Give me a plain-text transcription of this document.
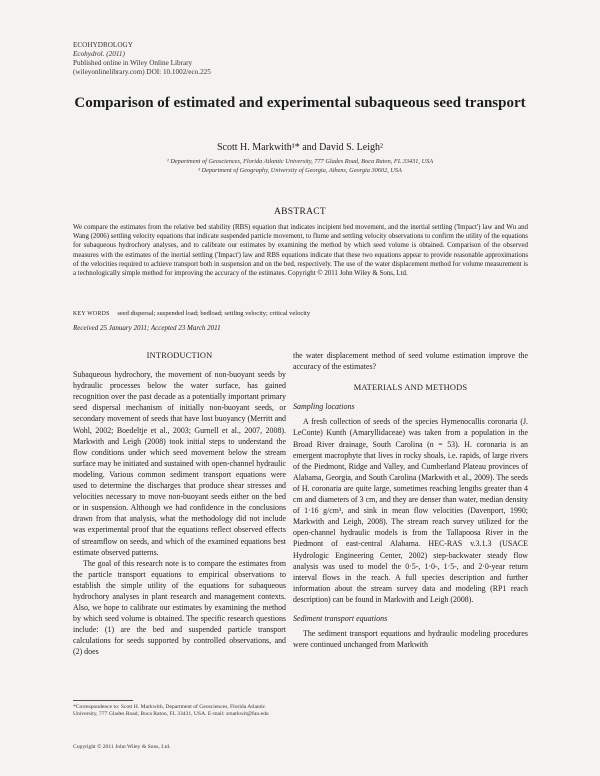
ECOHYDROLOGY
Ecohydrol. (2011)
Published online in Wiley Online Library
(wileyonlinelibrary.com) DOI: 10.1002/eco.225
Comparison of estimated and experimental subaqueous seed transport
Scott H. Markwith¹* and David S. Leigh²
¹ Department of Geosciences, Florida Atlantic University, 777 Glades Road, Boca Raton, FL 33431, USA
² Department of Geography, University of Georgia, Athens, Georgia 30602, USA
ABSTRACT
We compare the estimates from the relative bed stability (RBS) equation that indicates incipient bed movement, and the inertial settling ('Impact') law and Wu and Wang (2006) settling velocity equations that indicate suspended particle movement, to flume and settling velocity observations to confirm the utility of the equations for subaqueous hydrochory analyses, and to calibrate our estimates by examining the method by which seed volume is obtained. Comparison of the observed measures with the estimates of the inertial settling ('Impact') law and RBS equations indicate that these two equations appear to provide reasonable approximations of the velocities required to achieve transport both in suspension and on the bed, respectively. The use of the water displacement method for volume measurement is a technologically simple method for improving the accuracy of the estimates. Copyright © 2011 John Wiley & Sons, Ltd.
KEY WORDS seed dispersal; suspended load; bedload; settling velocity; critical velocity
Received 25 January 2011; Accepted 23 March 2011
INTRODUCTION

Subaqueous hydrochory, the movement of non-buoyant seeds by hydraulic processes below the water surface, has gained recognition over the past decade as a potentially important primary seed dispersal mechanism of initially non-buoyant seeds, or secondary movement of seeds that have lost buoyancy (Merritt and Wohl, 2002; Boedeltje et al., 2003; Gurnell et al., 2007, 2008). Markwith and Leigh (2008) took initial steps to understand the flow conditions under which seed movement below the stream surface may be initiated and sustained with open-channel hydraulic modeling. Various common sediment transport equations were used to determine the discharges that produce shear stresses and velocities necessary to move non-buoyant seeds either on the bed or in suspension. Although we had confidence in the conclusions drawn from that analysis, what the methodology did not include was experimental proof that the equations reflect observed effects of streamflow on seeds, and which of the examined equations best estimate observed patterns.

The goal of this research note is to compare the estimates from the particle transport equations to empirical observations to establish the simple utility of the equations for subaqueous hydrochory analyses in plant research and management contexts. Also, we hope to calibrate our estimates by examining the method by which seed volume is obtained. The specific research questions include: (1) are the bed and suspended particle transport calculations for seeds supported by controlled observations, and (2) does

the water displacement method of seed volume estimation improve the accuracy of the estimates?

MATERIALS AND METHODS
Sampling locations

A fresh collection of seeds of the species Hymenocallis coronaria (J. LeConte) Kunth (Amaryllidaceae) was taken from a population in the Broad River drainage, South Carolina (n = 53). H. coronaria is an emergent macrophyte that lives in rocky shoals, i.e. rapids, of large rivers of the Piedmont, Ridge and Valley, and Cumberland Plateau provinces of Alabama, Georgia, and South Carolina (Markwith et al., 2009). The seeds of H. coronaria are quite large, sometimes reaching lengths greater than 4 cm and diameters of 3 cm, and they are denser than water, median density of 1·16 g/cm³, and sink in mean flow velocities (Davenport, 1990; Markwith and Leigh, 2008). The stream reach survey utilized for the open-channel hydraulic models is from the Tallapoosa River in the Piedmont of east-central Alabama. HEC-RAS v.3.1.3 (USACE Hydrologic Engineering Center, 2002) step-backwater steady flow analysis was used to model the 0·5-, 1·0-, 1·5-, and 2·0-year return interval flows in the reach. A full species description and further information about the stream survey data and modeling (RP1 reach description) can be found in Markwith and Leigh (2008).

Sediment transport equations

The sediment transport equations and hydraulic modeling procedures were continued unchanged from Markwith

*Correspondence to: Scott H. Markwith, Department of Geosciences, Florida Atlantic University, 777 Glades Road, Boca Raton, FL 33431, USA. E-mail: smarkwit@fau.edu
Copyright © 2011 John Wiley & Sons, Ltd.
